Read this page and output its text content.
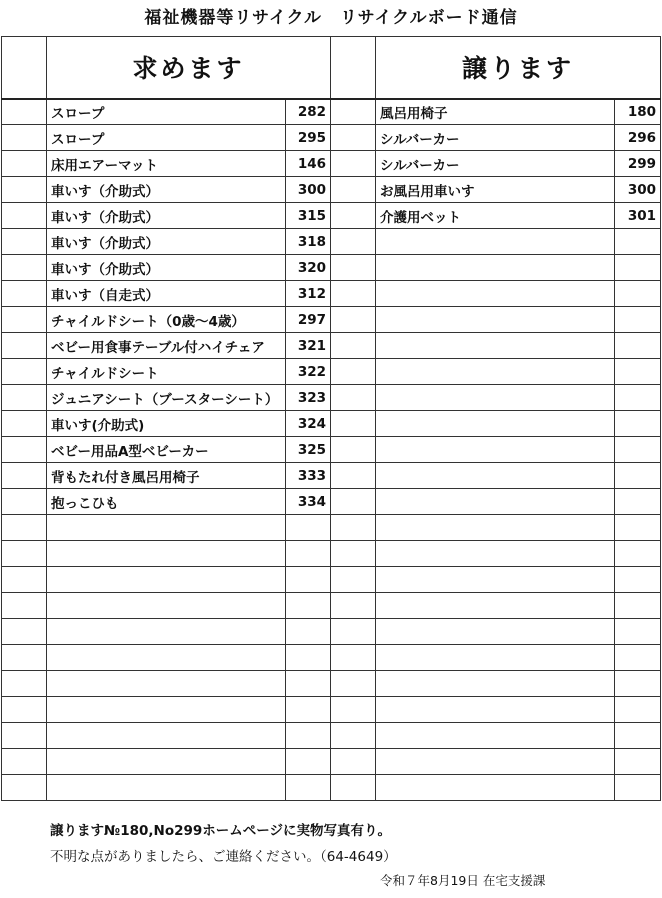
福祉機器等リサイクル　リサイクルボード通信
	求めます			譲ります	
	スロープ	282		風呂用椅子	180
	スロープ	295		シルバーカー	296
	床用エアーマット	146		シルバーカー	299
	車いす（介助式）	300		お風呂用車いす	300
	車いす（介助式）	315		介護用ベット	301
	車いす（介助式）	318			
	車いす（介助式）	320			
	車いす（自走式）	312			
	チャイルドシート（0歳～4歳）	297			
	ベビー用食事テーブル付ハイチェア	321			
	チャイルドシート	322			
	ジュニアシート（ブースターシート）	323			
	車いす(介助式)	324			
	ベビー用品A型ベビーカー	325			
	背もたれ付き風呂用椅子	333			
	抱っこひも	334			

譲ります№180,No299ホームページに実物写真有り。
不明な点がありましたら、ご連絡ください。（64-4649）
令和７年8月19日 在宅支援課
